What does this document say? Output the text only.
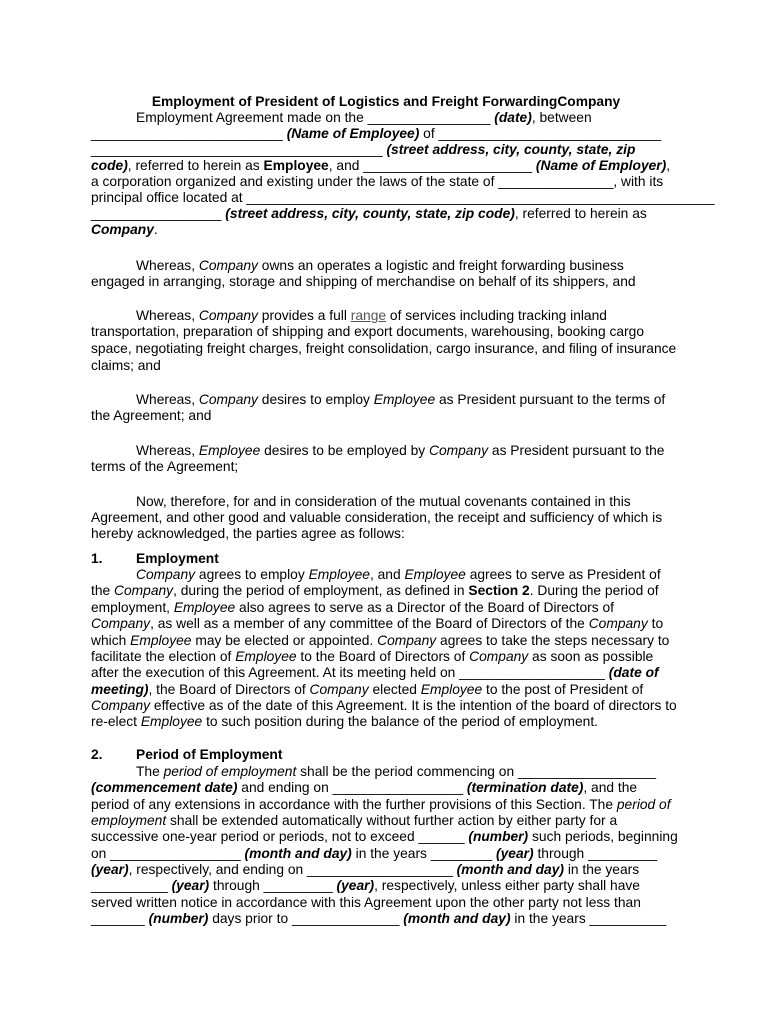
Employment of President of Logistics and Freight ForwardingCompany
Employment Agreement made on the ________________ (date), between
_________________________ (Name of Employee) of _____________________________
______________________________________ (street address, city, county, state, zip
code), referred to herein as Employee, and ______________________ (Name of Employer),
a corporation organized and existing under the laws of the state of _______________, with its
principal office located at _____________________________________________________________
_________________ (street address, city, county, state, zip code), referred to herein as
Company.
Whereas, Company owns an operates a logistic and freight forwarding business
engaged in arranging, storage and shipping of merchandise on behalf of its shippers, and
Whereas, Company provides a full range of services including tracking inland
transportation, preparation of shipping and export documents, warehousing, booking cargo
space, negotiating freight charges, freight consolidation, cargo insurance, and filing of insurance
claims; and
Whereas, Company desires to employ Employee as President pursuant to the terms of
the Agreement; and
Whereas, Employee desires to be employed by Company as President pursuant to the
terms of the Agreement;
Now, therefore, for and in consideration of the mutual covenants contained in this
Agreement, and other good and valuable consideration, the receipt and sufficiency of which is
hereby acknowledged, the parties agree as follows:
1. Employment
Company agrees to employ Employee, and Employee agrees to serve as President of
the Company, during the period of employment, as defined in Section 2. During the period of
employment, Employee also agrees to serve as a Director of the Board of Directors of
Company, as well as a member of any committee of the Board of Directors of the Company to
which Employee may be elected or appointed. Company agrees to take the steps necessary to
facilitate the election of Employee to the Board of Directors of Company as soon as possible
after the execution of this Agreement. At its meeting held on ___________________ (date of
meeting), the Board of Directors of Company elected Employee to the post of President of
Company effective as of the date of this Agreement. It is the intention of the board of directors to
re-elect Employee to such position during the balance of the period of employment.
2. Period of Employment
The period of employment shall be the period commencing on __________________
(commencement date) and ending on _________________ (termination date), and the
period of any extensions in accordance with the further provisions of this Section. The period of
employment shall be extended automatically without further action by either party for a
successive one-year period or periods, not to exceed ______ (number) such periods, beginning
on _________________ (month and day) in the years ________ (year) through _________
(year), respectively, and ending on ___________________ (month and day) in the years
__________ (year) through _________ (year), respectively, unless either party shall have
served written notice in accordance with this Agreement upon the other party not less than
_______ (number) days prior to ______________ (month and day) in the years __________
